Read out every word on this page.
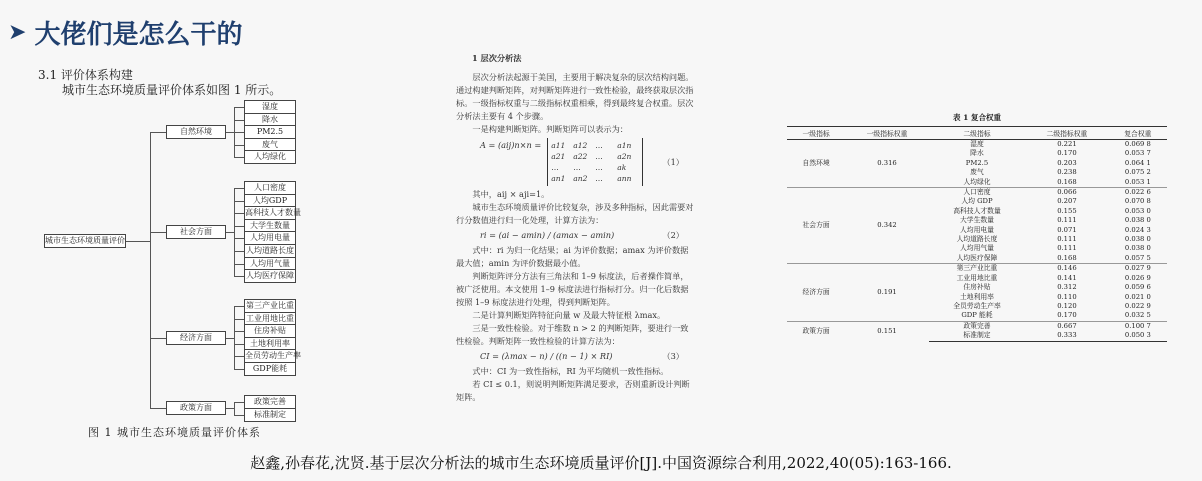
➤ 大佬们是怎么干的
3.1 评价体系构建
城市生态环境质量评价体系如图 1 所示。
湿度
降水
PM2.5
废气
人均绿化
自然环境
人口密度
人均GDP
高科技人才数量
大学生数量
人均用电量
人均道路长度
人均用气量
人均医疗保障
社会方面
第三产业比重
工业用地比重
住房补贴
土地利用率
全员劳动生产率
GDP能耗
经济方面
政策完善
标准制定
政策方面
城市生态环境质量评价
图 1 城市生态环境质量评价体系
1 层次分析法

层次分析法起源于美国，主要用于解决复杂的层次结构问题。通过构建判断矩阵，对判断矩阵进行一致性检验，最终获取层次指标。一级指标权重与二级指标权重相乘，得到最终复合权重。层次分析法主要有 4 个步骤。

一是构建判断矩阵。判断矩阵可以表示为：

A = (aij)n×n = a11	a12	…	a1n
a21	a22	…	a2n
…	…	…	ak
an1	an2	…	ann
（1）

其中，aij × aji=1。

城市生态环境质量评价比较复杂，涉及多种指标，因此需要对行分数值进行归一化处理，计算方法为：

ri = (ai − amin) / (amax − amin)	（2）

式中：ri 为归一化结果；ai 为评价数据；amax 为评价数据最大值；amin 为评价数据最小值。

判断矩阵评分方法有三角法和 1–9 标度法，后者操作简单，被广泛使用。本文使用 1–9 标度法进行指标打分。归一化后数据按照 1–9 标度法进行处理，得到判断矩阵。

二是计算判断矩阵特征向量 w 及最大特征根 λmax。

三是一致性检验。对于维数 n > 2 的判断矩阵，要进行一致性检验。判断矩阵一致性检验的计算方法为：

CI = (λmax − n) / ((n − 1) × RI)	（3）

式中：CI 为一致性指标，RI 为平均随机一致性指标。

若 CI ≤ 0.1，则说明判断矩阵满足要求，否则重新设计判断矩阵。

表 1 复合权重
一级指标	一级指标权重	二级指标	二级指标权重	复合权重
自然环境	0.316	湿度	0.221	0.069 8
		降水	0.170	0.053 7
		PM2.5	0.203	0.064 1
		废气	0.238	0.075 2
		人均绿化	0.168	0.053 1
社会方面	0.342	人口密度	0.066	0.022 6
		人均 GDP	0.207	0.070 8
		高科技人才数量	0.155	0.053 0
		大学生数量	0.111	0.038 0
		人均用电量	0.071	0.024 3
		人均道路长度	0.111	0.038 0
		人均用气量	0.111	0.038 0
		人均医疗保障	0.168	0.057 5
经济方面	0.191	第三产业比重	0.146	0.027 9
		工业用地比重	0.141	0.026 9
		住房补贴	0.312	0.059 6
		土地利用率	0.110	0.021 0
		全员劳动生产率	0.120	0.022 9
		GDP 能耗	0.170	0.032 5
政策方面	0.151	政策完善	0.667	0.100 7
		标准制定	0.333	0.050 3
赵鑫,孙春花,沈贤.基于层次分析法的城市生态环境质量评价[J].中国资源综合利用,2022,40(05):163-166.
